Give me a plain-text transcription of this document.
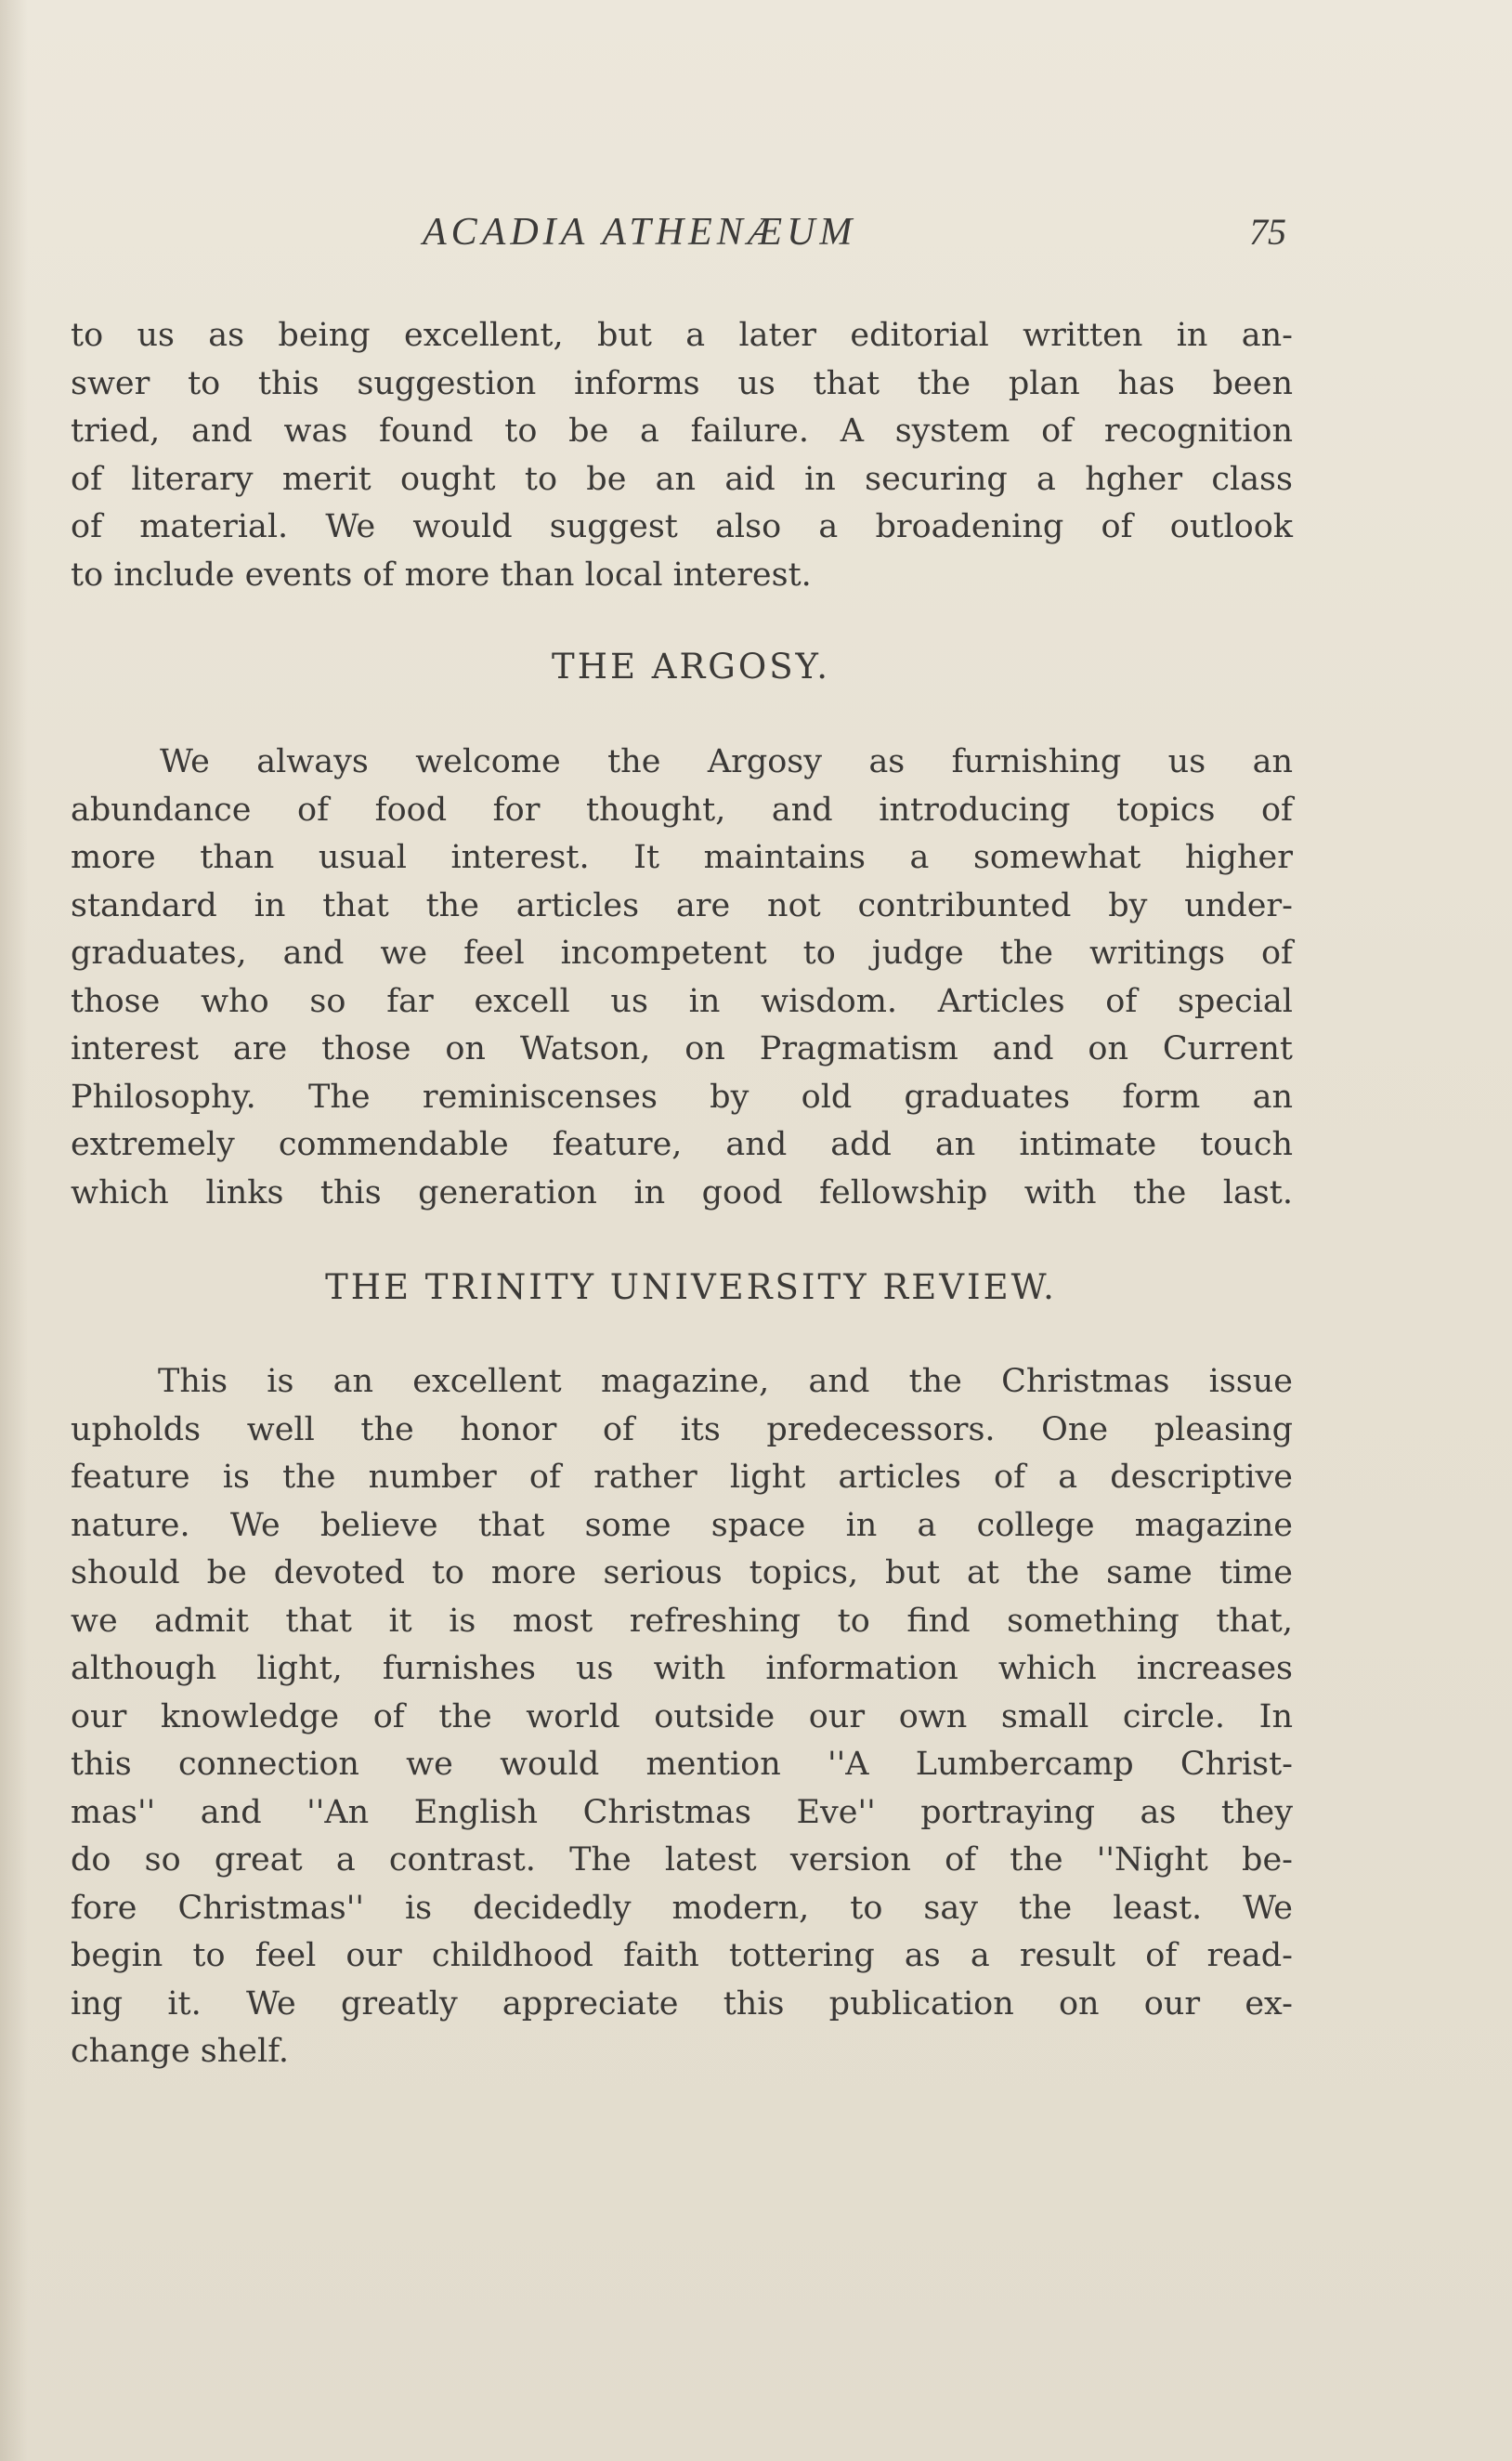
ACADIA ATHENÆUM	75
to us as being excellent, but a later editorial written in an-
swer to this suggestion informs us that the plan has been
tried, and was found to be a failure. A system of recognition
of literary merit ought to be an aid in securing a hgher class
of material. We would suggest also a broadening of outlook
to include events of more than local interest.
THE ARGOSY.
We always welcome the Argosy as furnishing us an
abundance of food for thought, and introducing topics of
more than usual interest. It maintains a somewhat higher
standard in that the articles are not contribunted by under-
graduates, and we feel incompetent to judge the writings of
those who so far excell us in wisdom. Articles of special
interest are those on Watson, on Pragmatism and on Current
Philosophy. The reminiscenses by old graduates form an
extremely commendable feature, and add an intimate touch
which links this generation in good fellowship with the last.
THE TRINITY UNIVERSITY REVIEW.
This is an excellent magazine, and the Christmas issue
upholds well the honor of its predecessors. One pleasing
feature is the number of rather light articles of a descriptive
nature. We believe that some space in a college magazine
should be devoted to more serious topics, but at the same time
we admit that it is most refreshing to find something that,
although light, furnishes us with information which increases
our knowledge of the world outside our own small circle. In
this connection we would mention ''A Lumbercamp Christ-
mas'' and ''An English Christmas Eve'' portraying as they
do so great a contrast. The latest version of the ''Night be-
fore Christmas'' is decidedly modern, to say the least. We
begin to feel our childhood faith tottering as a result of read-
ing it. We greatly appreciate this publication on our ex-
change shelf.
